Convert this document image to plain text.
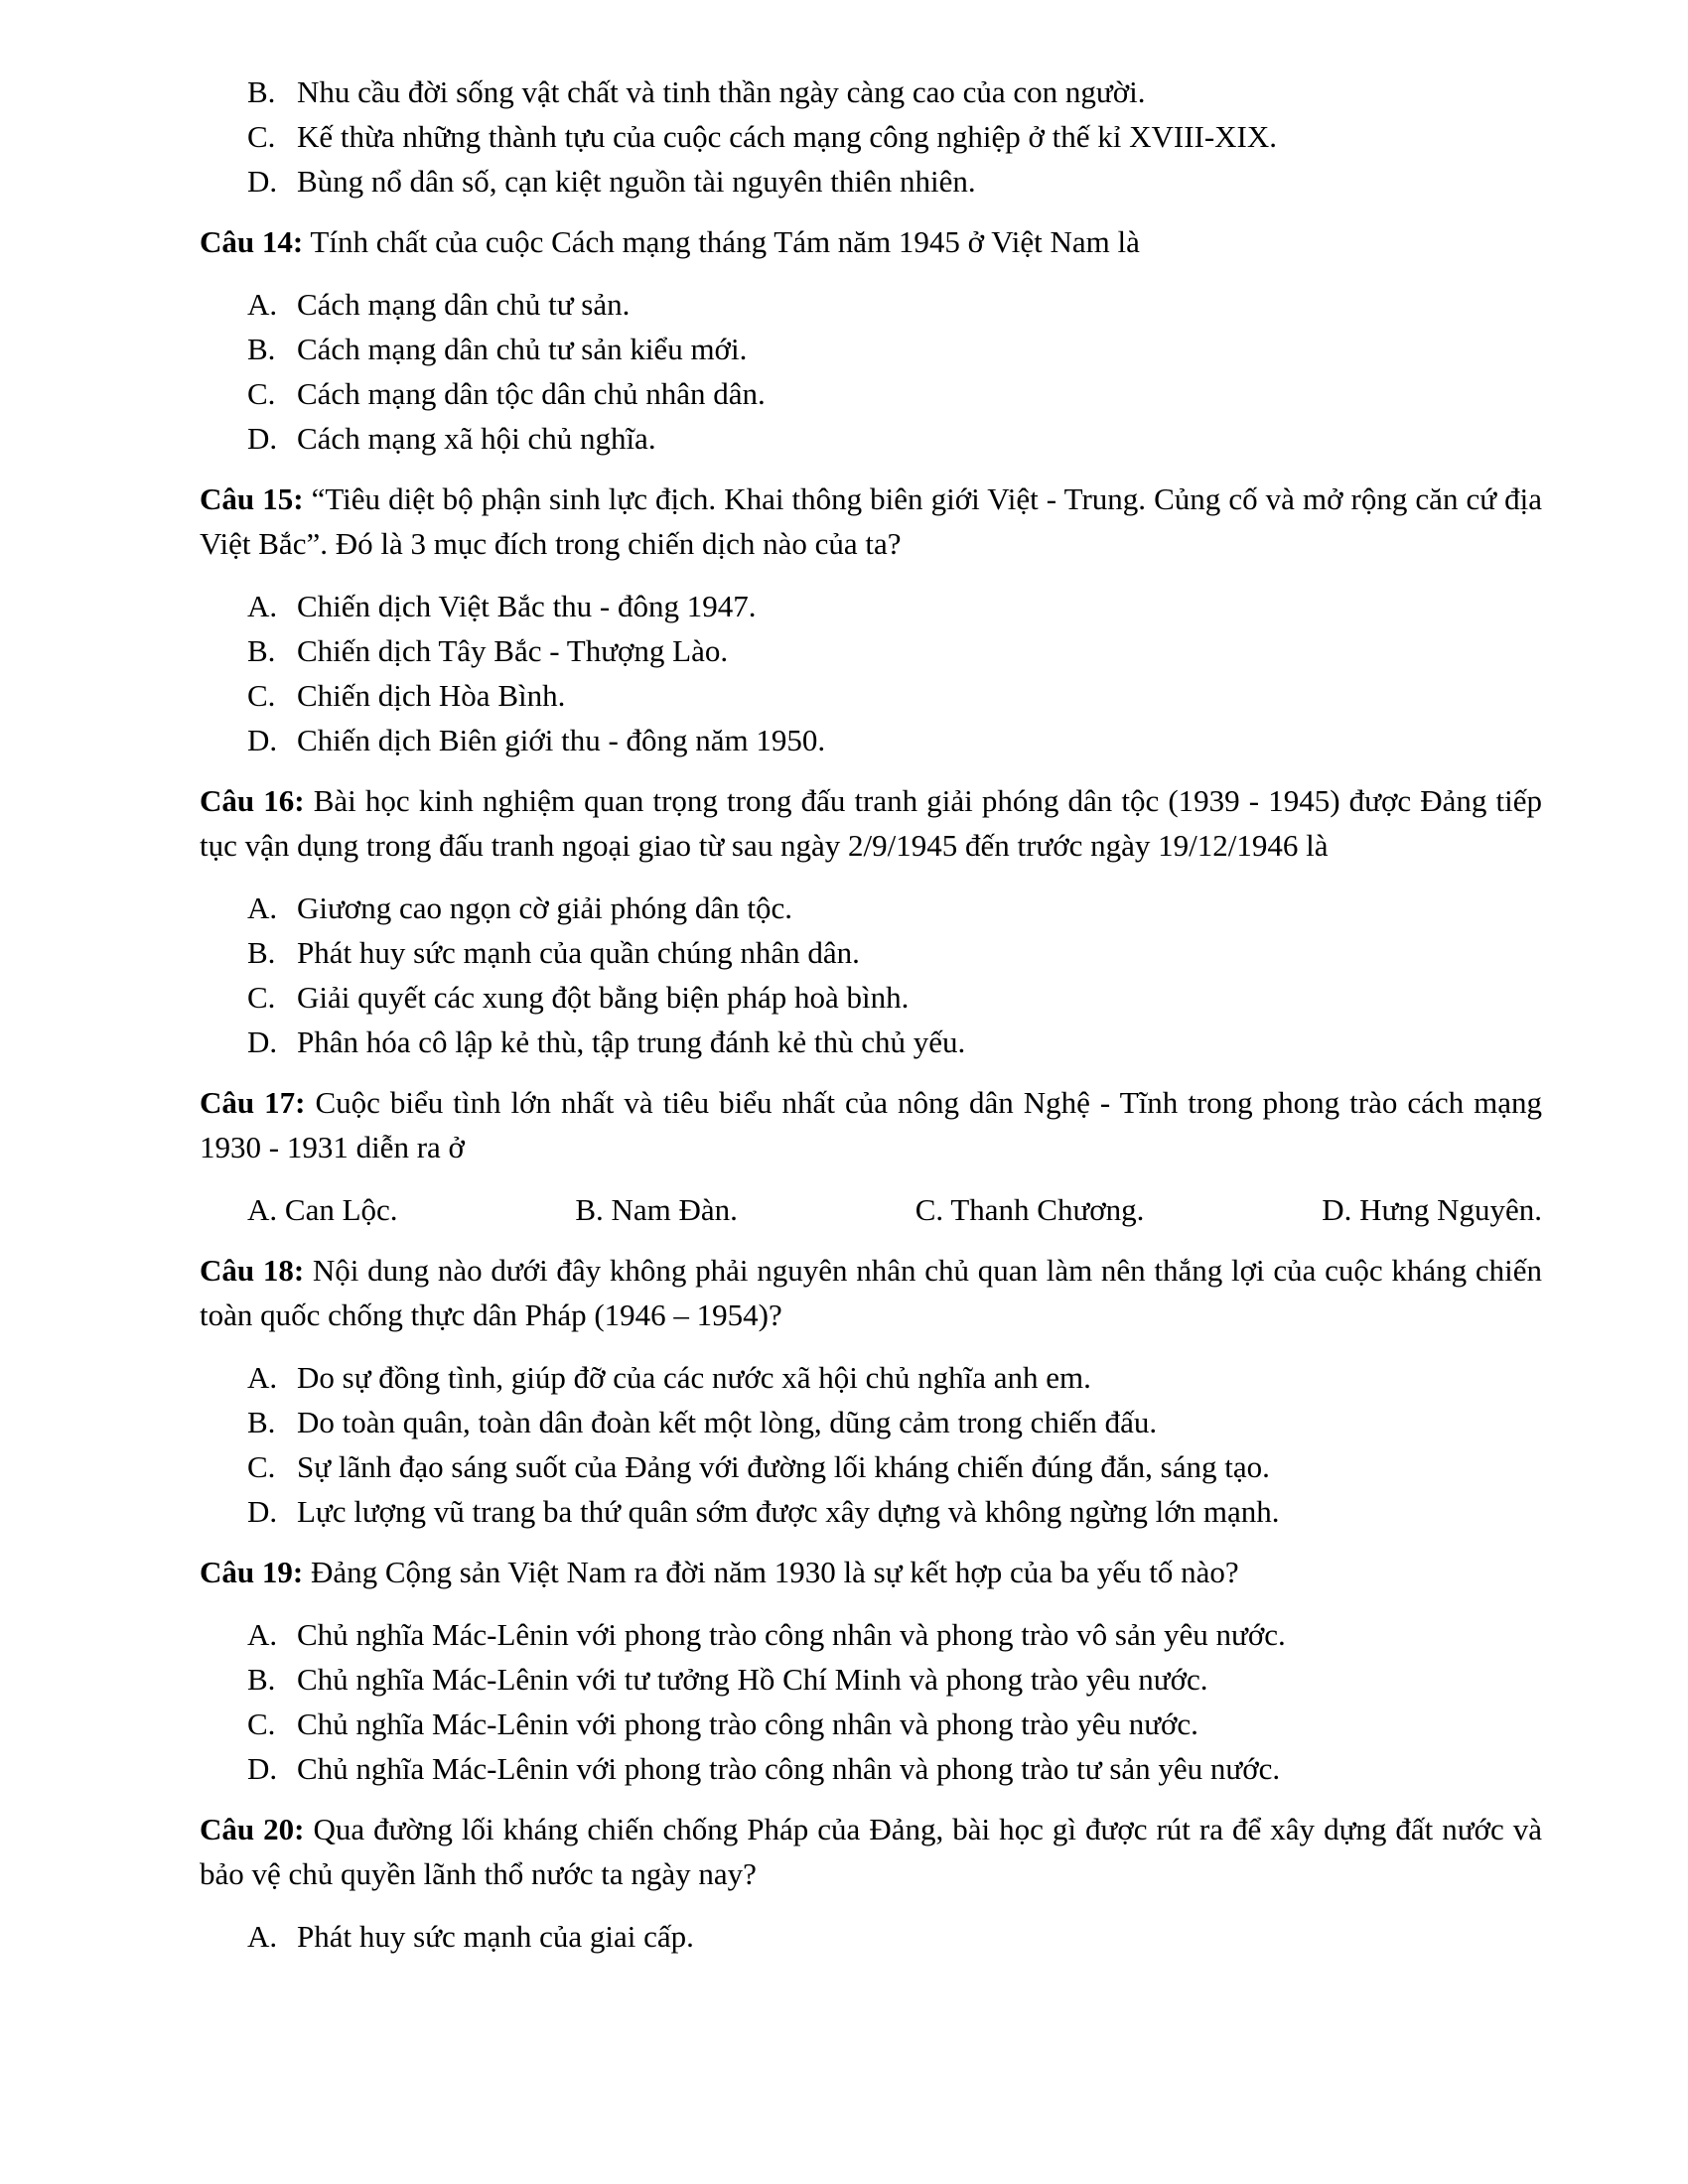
B. Nhu cầu đời sống vật chất và tinh thần ngày càng cao của con người.
C. Kế thừa những thành tựu của cuộc cách mạng công nghiệp ở thế kỉ XVIII-XIX.
D. Bùng nổ dân số, cạn kiệt nguồn tài nguyên thiên nhiên.

Câu 14: Tính chất của cuộc Cách mạng tháng Tám năm 1945 ở Việt Nam là

A. Cách mạng dân chủ tư sản.
B. Cách mạng dân chủ tư sản kiểu mới.
C. Cách mạng dân tộc dân chủ nhân dân.
D. Cách mạng xã hội chủ nghĩa.

Câu 15: “Tiêu diệt bộ phận sinh lực địch. Khai thông biên giới Việt - Trung. Củng cố và mở rộng căn cứ địa Việt Bắc”. Đó là 3 mục đích trong chiến dịch nào của ta?

A. Chiến dịch Việt Bắc thu - đông 1947.
B. Chiến dịch Tây Bắc - Thượng Lào.
C. Chiến dịch Hòa Bình.
D. Chiến dịch Biên giới thu - đông năm 1950.

Câu 16: Bài học kinh nghiệm quan trọng trong đấu tranh giải phóng dân tộc (1939 - 1945) được Đảng tiếp tục vận dụng trong đấu tranh ngoại giao từ sau ngày 2/9/1945 đến trước ngày 19/12/1946 là

A. Giương cao ngọn cờ giải phóng dân tộc.
B. Phát huy sức mạnh của quần chúng nhân dân.
C. Giải quyết các xung đột bằng biện pháp hoà bình.
D. Phân hóa cô lập kẻ thù, tập trung đánh kẻ thù chủ yếu.

Câu 17: Cuộc biểu tình lớn nhất và tiêu biểu nhất của nông dân Nghệ - Tĩnh trong phong trào cách mạng 1930 - 1931 diễn ra ở

A. Can Lộc.	B. Nam Đàn.	C. Thanh Chương.	D. Hưng Nguyên.

Câu 18: Nội dung nào dưới đây không phải nguyên nhân chủ quan làm nên thắng lợi của cuộc kháng chiến toàn quốc chống thực dân Pháp (1946 – 1954)?

A. Do sự đồng tình, giúp đỡ của các nước xã hội chủ nghĩa anh em.
B. Do toàn quân, toàn dân đoàn kết một lòng, dũng cảm trong chiến đấu.
C. Sự lãnh đạo sáng suốt của Đảng với đường lối kháng chiến đúng đắn, sáng tạo.
D. Lực lượng vũ trang ba thứ quân sớm được xây dựng và không ngừng lớn mạnh.

Câu 19: Đảng Cộng sản Việt Nam ra đời năm 1930 là sự kết hợp của ba yếu tố nào?

A. Chủ nghĩa Mác-Lênin với phong trào công nhân và phong trào vô sản yêu nước.
B. Chủ nghĩa Mác-Lênin với tư tưởng Hồ Chí Minh và phong trào yêu nước.
C. Chủ nghĩa Mác-Lênin với phong trào công nhân và phong trào yêu nước.
D. Chủ nghĩa Mác-Lênin với phong trào công nhân và phong trào tư sản yêu nước.

Câu 20: Qua đường lối kháng chiến chống Pháp của Đảng, bài học gì được rút ra để xây dựng đất nước và bảo vệ chủ quyền lãnh thổ nước ta ngày nay?

A. Phát huy sức mạnh của giai cấp.
